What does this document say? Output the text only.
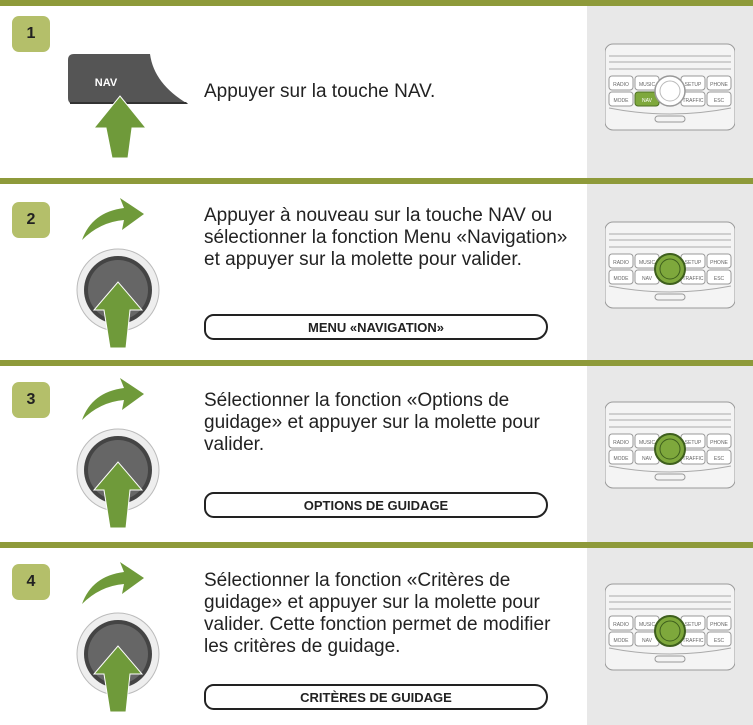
1
NAV	Appuyer sur la touche NAV.	RADIO MUSIC	SETUP PHONE
MODE	NAV	TRAFFIC ESC
2	Appuyer à nouveau sur la touche NAV ou sélectionner la fonction Menu «Navigation» et appuyer sur la molette pour valider.
MENU «NAVIGATION»
RADIO MUSIC	SETUP PHONE
MODE	NAV	TRAFFIC ESC
3	Sélectionner la fonction «Options de guidage» et appuyer sur la molette pour valider.
OPTIONS DE GUIDAGE
RADIO MUSIC	SETUP PHONE
MODE	NAV	TRAFFIC ESC
4	Sélectionner la fonction «Critères de guidage» et appuyer sur la molette pour valider. Cette fonction permet de modifier les critères de guidage.
CRITÈRES DE GUIDAGE
RADIO MUSIC	SETUP PHONE
MODE	NAV	TRAFFIC ESC
